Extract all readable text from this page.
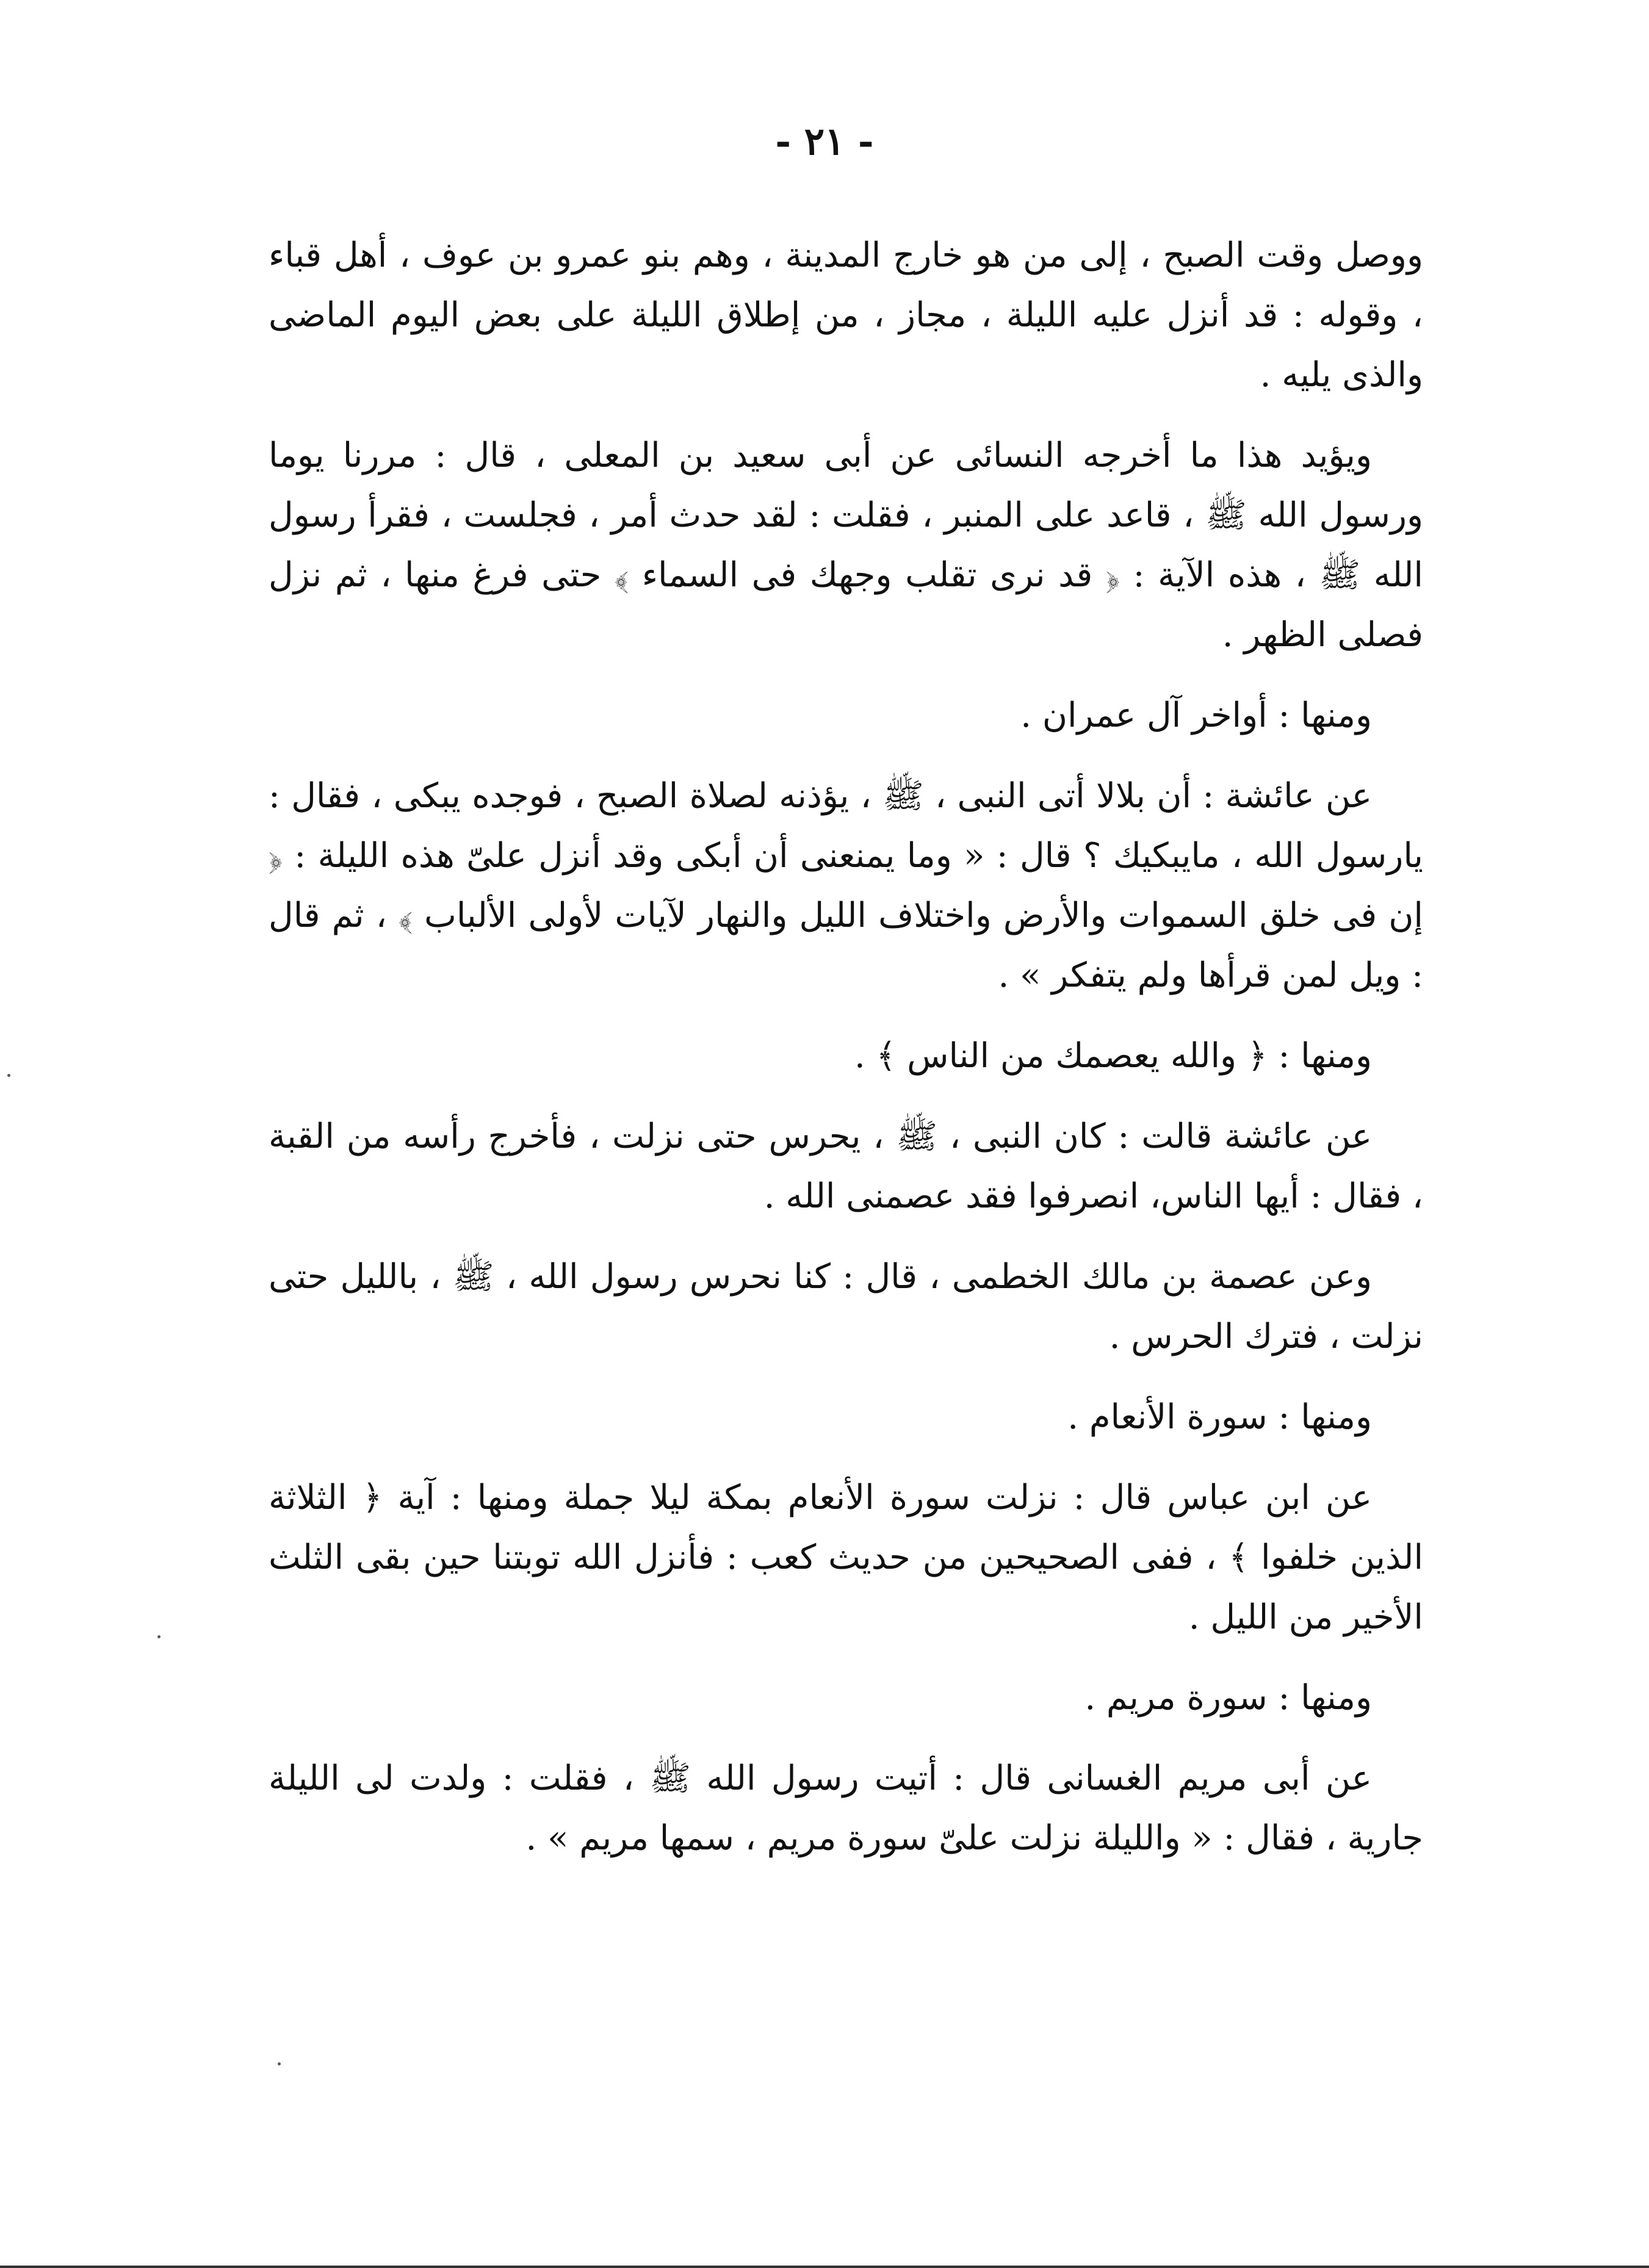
- ٢١ -

ووصل وقت الصبح ، إلى من هو خارج المدينة ، وهم بنو عمرو بن عوف ، أهل قباء ، وقوله : قد أنزل عليه الليلة ، مجاز ، من إطلاق الليلة على بعض اليوم الماضى والذى يليه .

ويؤيد هذا ما أخرجه النسائى عن أبى سعيد بن المعلى ، قال : مررنا يوما ورسول الله ﷺ ، قاعد على المنبر ، فقلت : لقد حدث أمر ، فجلست ، فقرأ رسول الله ﷺ ، هذه الآية : ﴿ قد نرى تقلب وجهك فى السماء ﴾ حتى فرغ منها ، ثم نزل فصلى الظهر .

ومنها : أواخر آل عمران .

عن عائشة : أن بلالا أتى النبى ، ﷺ ، يؤذنه لصلاة الصبح ، فوجده يبكى ، فقال : يارسول الله ، مايبكيك ؟ قال : « وما يمنعنى أن أبكى وقد أنزل علىّ هذه الليلة : ﴿ إن فى خلق السموات والأرض واختلاف الليل والنهار لآيات لأولى الألباب ﴾ ، ثم قال : ويل لمن قرأها ولم يتفكر » .

ومنها : ﴿ والله يعصمك من الناس ﴾ .

عن عائشة قالت : كان النبى ، ﷺ ، يحرس حتى نزلت ، فأخرج رأسه من القبة ، فقال : أيها الناس، انصرفوا فقد عصمنى الله .

وعن عصمة بن مالك الخطمى ، قال : كنا نحرس رسول الله ، ﷺ ، بالليل حتى نزلت ، فترك الحرس .

ومنها : سورة الأنعام .

عن ابن عباس قال : نزلت سورة الأنعام بمكة ليلا جملة ومنها : آية ﴿ الثلاثة الذين خلفوا ﴾ ، ففى الصحيحين من حديث كعب : فأنزل الله توبتنا حين بقى الثلث الأخير من الليل .

ومنها : سورة مريم .

عن أبى مريم الغسانى قال : أتيت رسول الله ﷺ ، فقلت : ولدت لى الليلة جارية ، فقال : « والليلة نزلت علىّ سورة مريم ، سمها مريم » .
